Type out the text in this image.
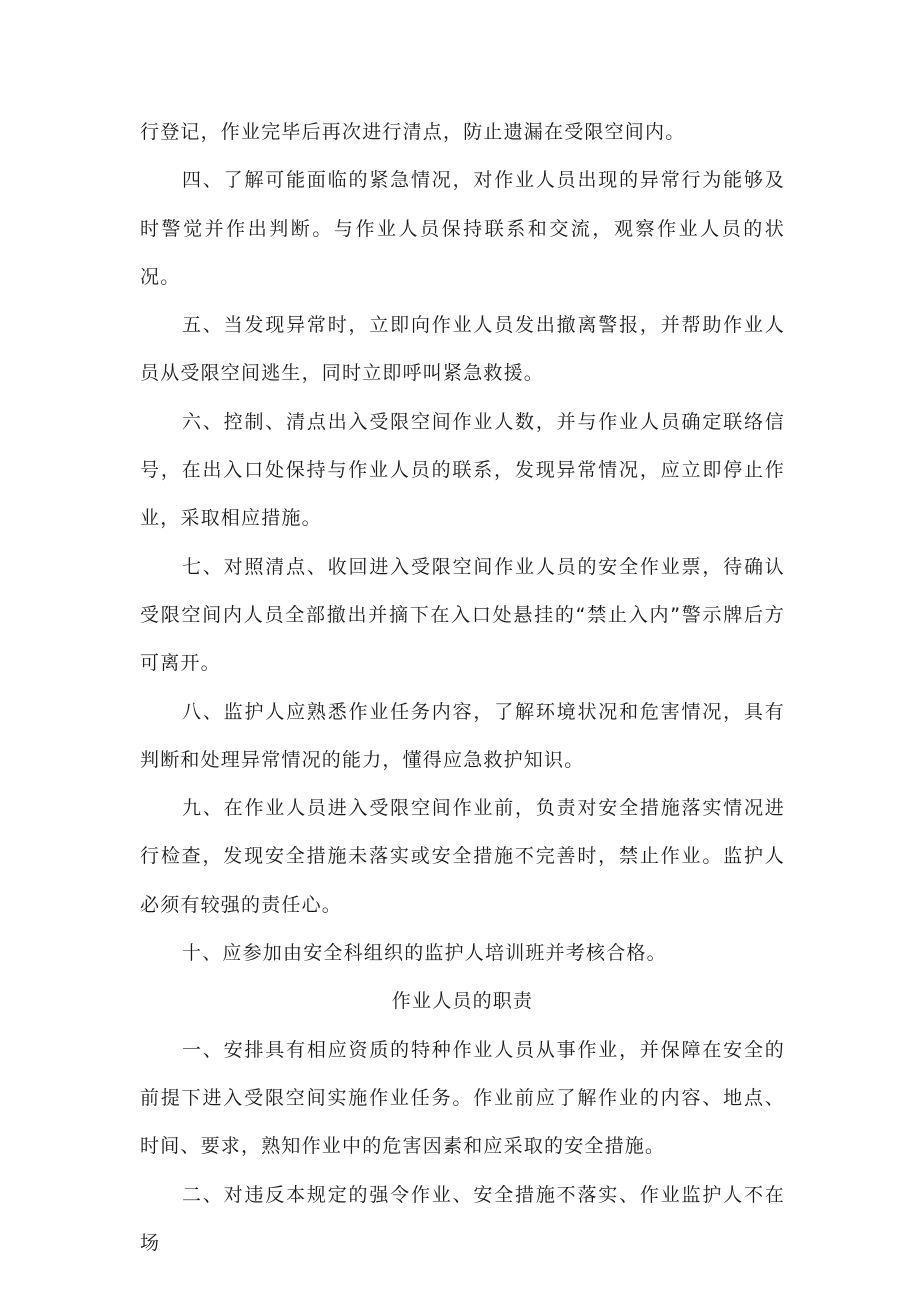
行登记，作业完毕后再次进行清点，防止遗漏在受限空间内。

四、了解可能面临的紧急情况，对作业人员出现的异常行为能够及时警觉并作出判断。与作业人员保持联系和交流，观察作业人员的状况。

五、当发现异常时，立即向作业人员发出撤离警报，并帮助作业人员从受限空间逃生，同时立即呼叫紧急救援。

六、控制、清点出入受限空间作业人数，并与作业人员确定联络信号，在出入口处保持与作业人员的联系，发现异常情况，应立即停止作业，采取相应措施。

七、对照清点、收回进入受限空间作业人员的安全作业票，待确认受限空间内人员全部撤出并摘下在入口处悬挂的“禁止入内”警示牌后方可离开。

八、监护人应熟悉作业任务内容，了解环境状况和危害情况，具有判断和处理异常情况的能力，懂得应急救护知识。

九、在作业人员进入受限空间作业前，负责对安全措施落实情况进行检查，发现安全措施未落实或安全措施不完善时，禁止作业。监护人必须有较强的责任心。

十、应参加由安全科组织的监护人培训班并考核合格。

作业人员的职责

一、安排具有相应资质的特种作业人员从事作业，并保障在安全的前提下进入受限空间实施作业任务。作业前应了解作业的内容、地点、时间、要求，熟知作业中的危害因素和应采取的安全措施。

二、对违反本规定的强令作业、安全措施不落实、作业监护人不在场
